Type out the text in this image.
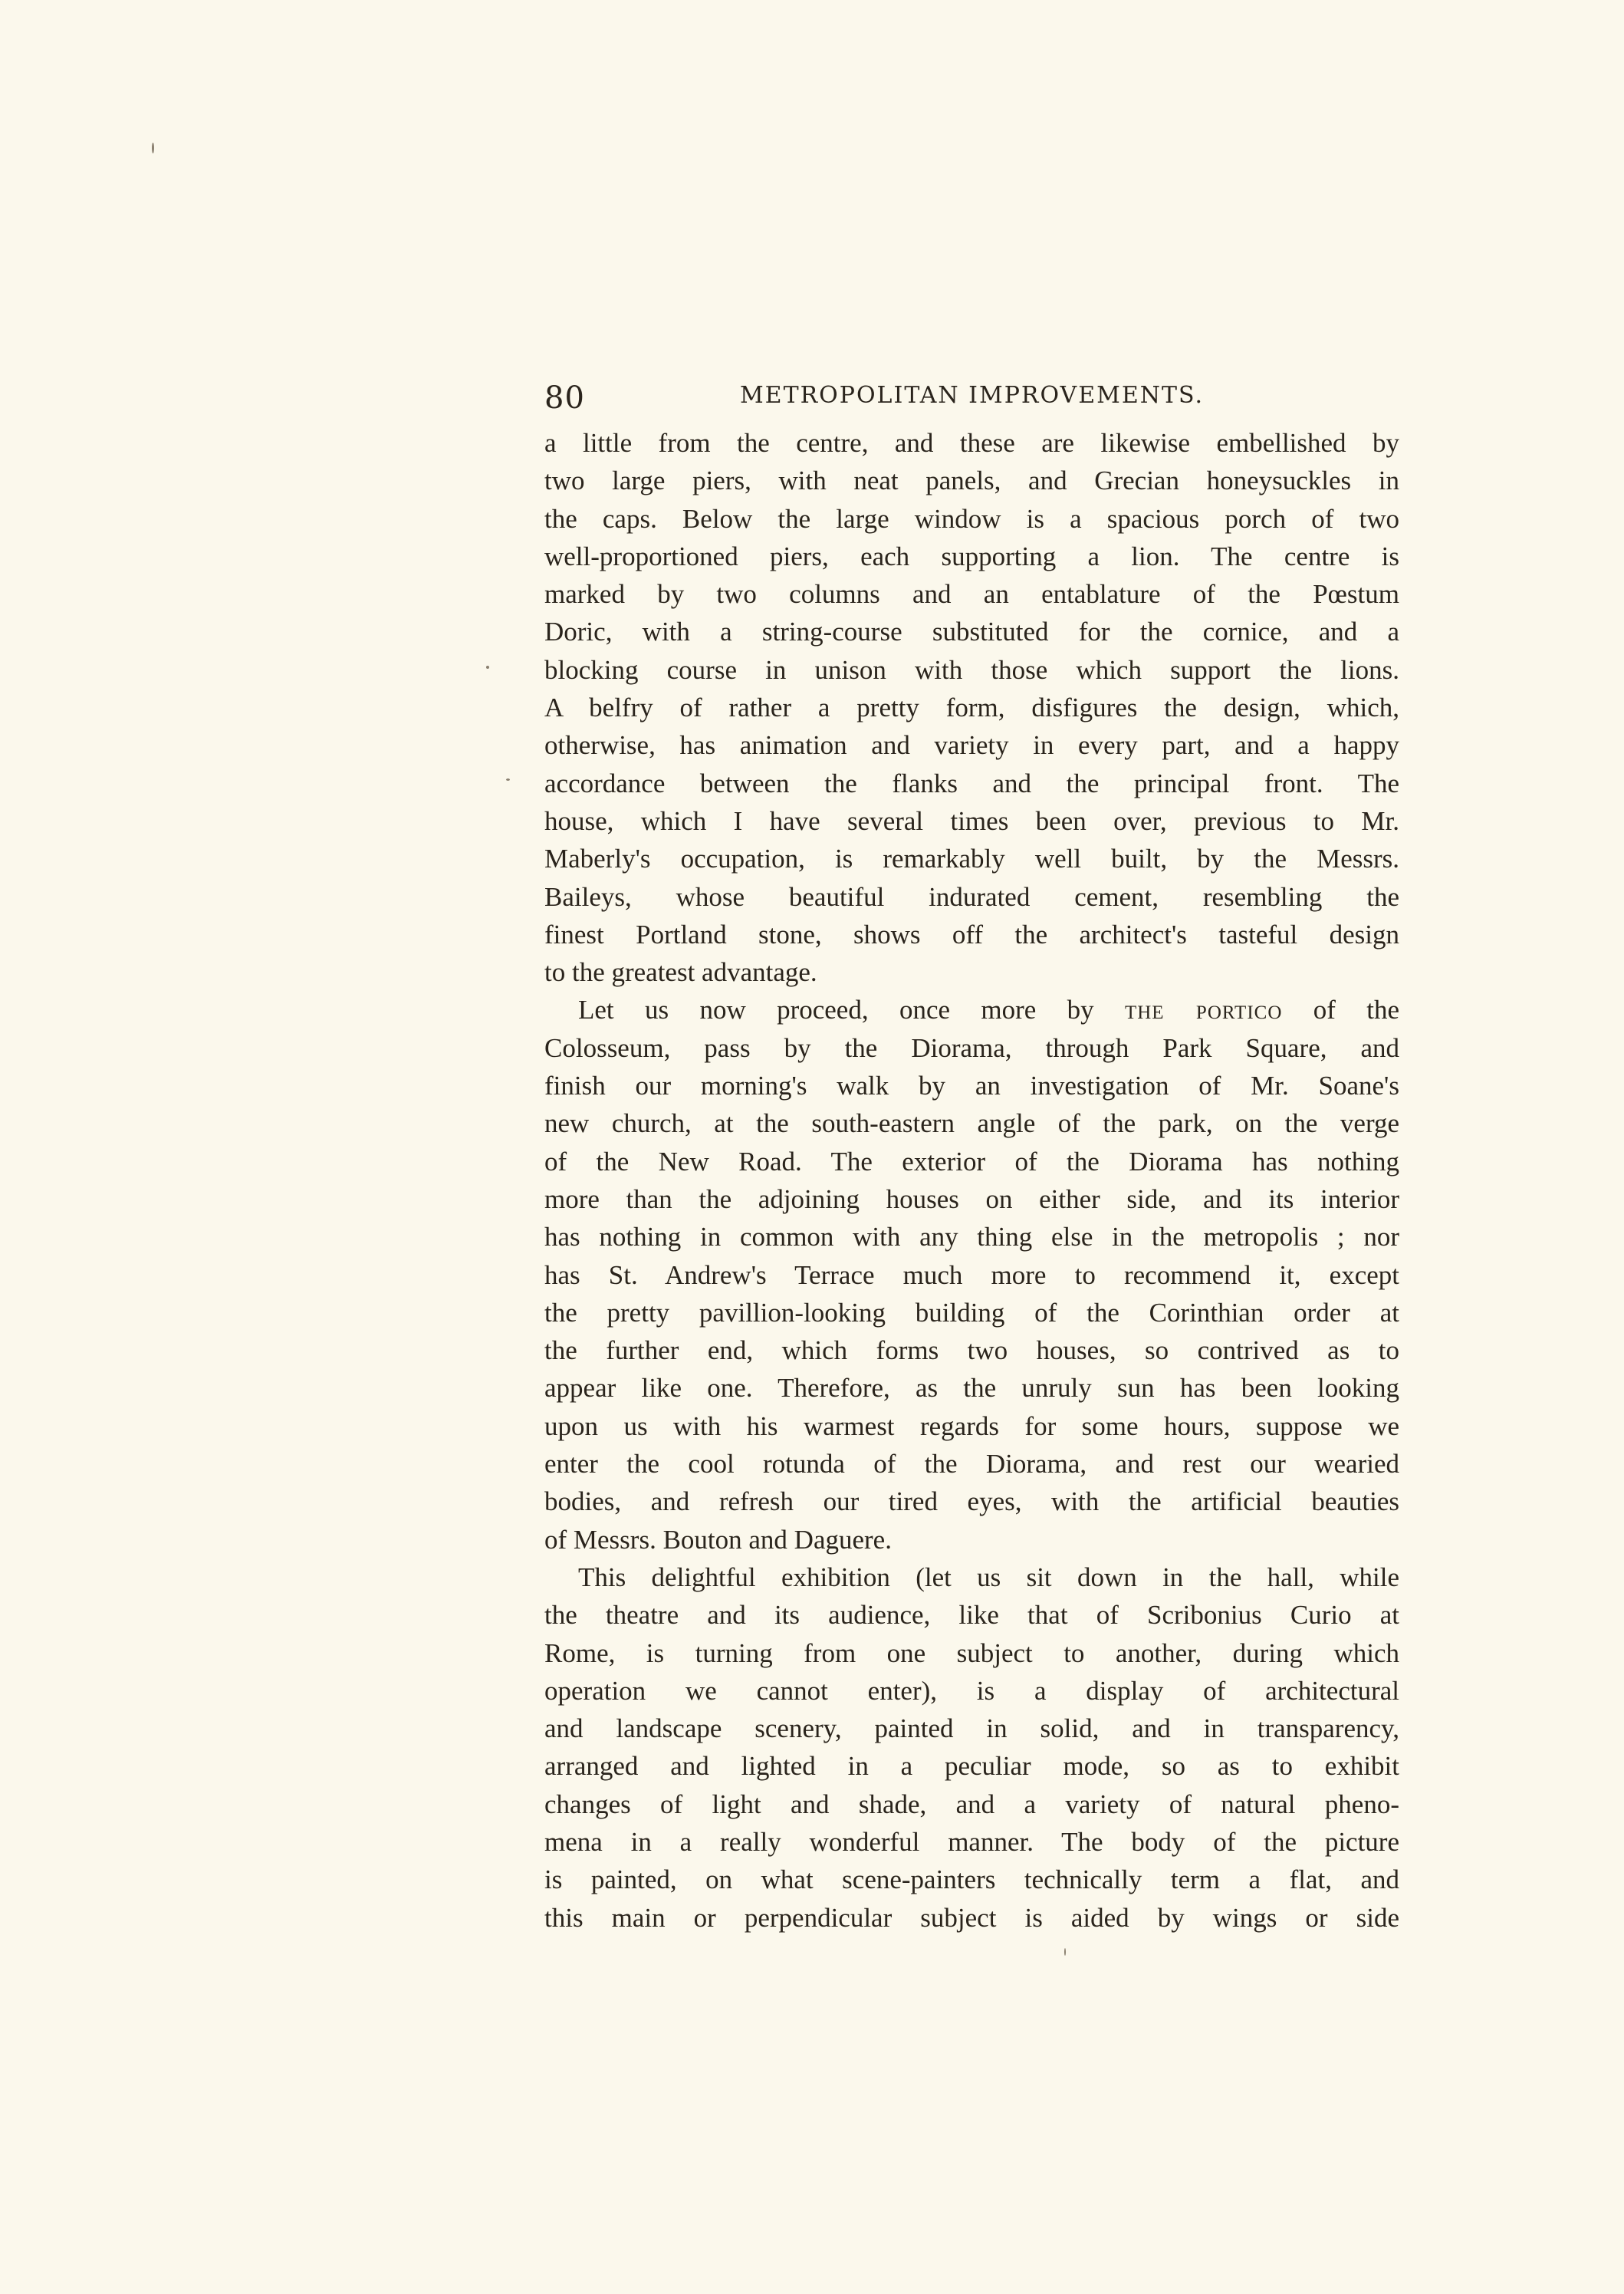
80	METROPOLITAN IMPROVEMENTS.
a little from the centre, and these are likewise embellished by
two large piers, with neat panels, and Grecian honeysuckles in
the caps. Below the large window is a spacious porch of two
well-proportioned piers, each supporting a lion. The centre is
marked by two columns and an entablature of the Pœstum
Doric, with a string-course substituted for the cornice, and a
blocking course in unison with those which support the lions.
A belfry of rather a pretty form, disfigures the design, which,
otherwise, has animation and variety in every part, and a happy
accordance between the flanks and the principal front. The
house, which I have several times been over, previous to Mr.
Maberly's occupation, is remarkably well built, by the Messrs.
Baileys, whose beautiful indurated cement, resembling the
finest Portland stone, shows off the architect's tasteful design
to the greatest advantage.
Let us now proceed, once more by the portico of the
Colosseum, pass by the Diorama, through Park Square, and
finish our morning's walk by an investigation of Mr. Soane's
new church, at the south-eastern angle of the park, on the verge
of the New Road. The exterior of the Diorama has nothing
more than the adjoining houses on either side, and its interior
has nothing in common with any thing else in the metropolis ; nor
has St. Andrew's Terrace much more to recommend it, except
the pretty pavillion-looking building of the Corinthian order at
the further end, which forms two houses, so contrived as to
appear like one. Therefore, as the unruly sun has been looking
upon us with his warmest regards for some hours, suppose we
enter the cool rotunda of the Diorama, and rest our wearied
bodies, and refresh our tired eyes, with the artificial beauties
of Messrs. Bouton and Daguere.
This delightful exhibition (let us sit down in the hall, while
the theatre and its audience, like that of Scribonius Curio at
Rome, is turning from one subject to another, during which
operation we cannot enter), is a display of architectural
and landscape scenery, painted in solid, and in transparency,
arranged and lighted in a peculiar mode, so as to exhibit
changes of light and shade, and a variety of natural pheno-
mena in a really wonderful manner. The body of the picture
is painted, on what scene-painters technically term a flat, and
this main or perpendicular subject is aided by wings or side
